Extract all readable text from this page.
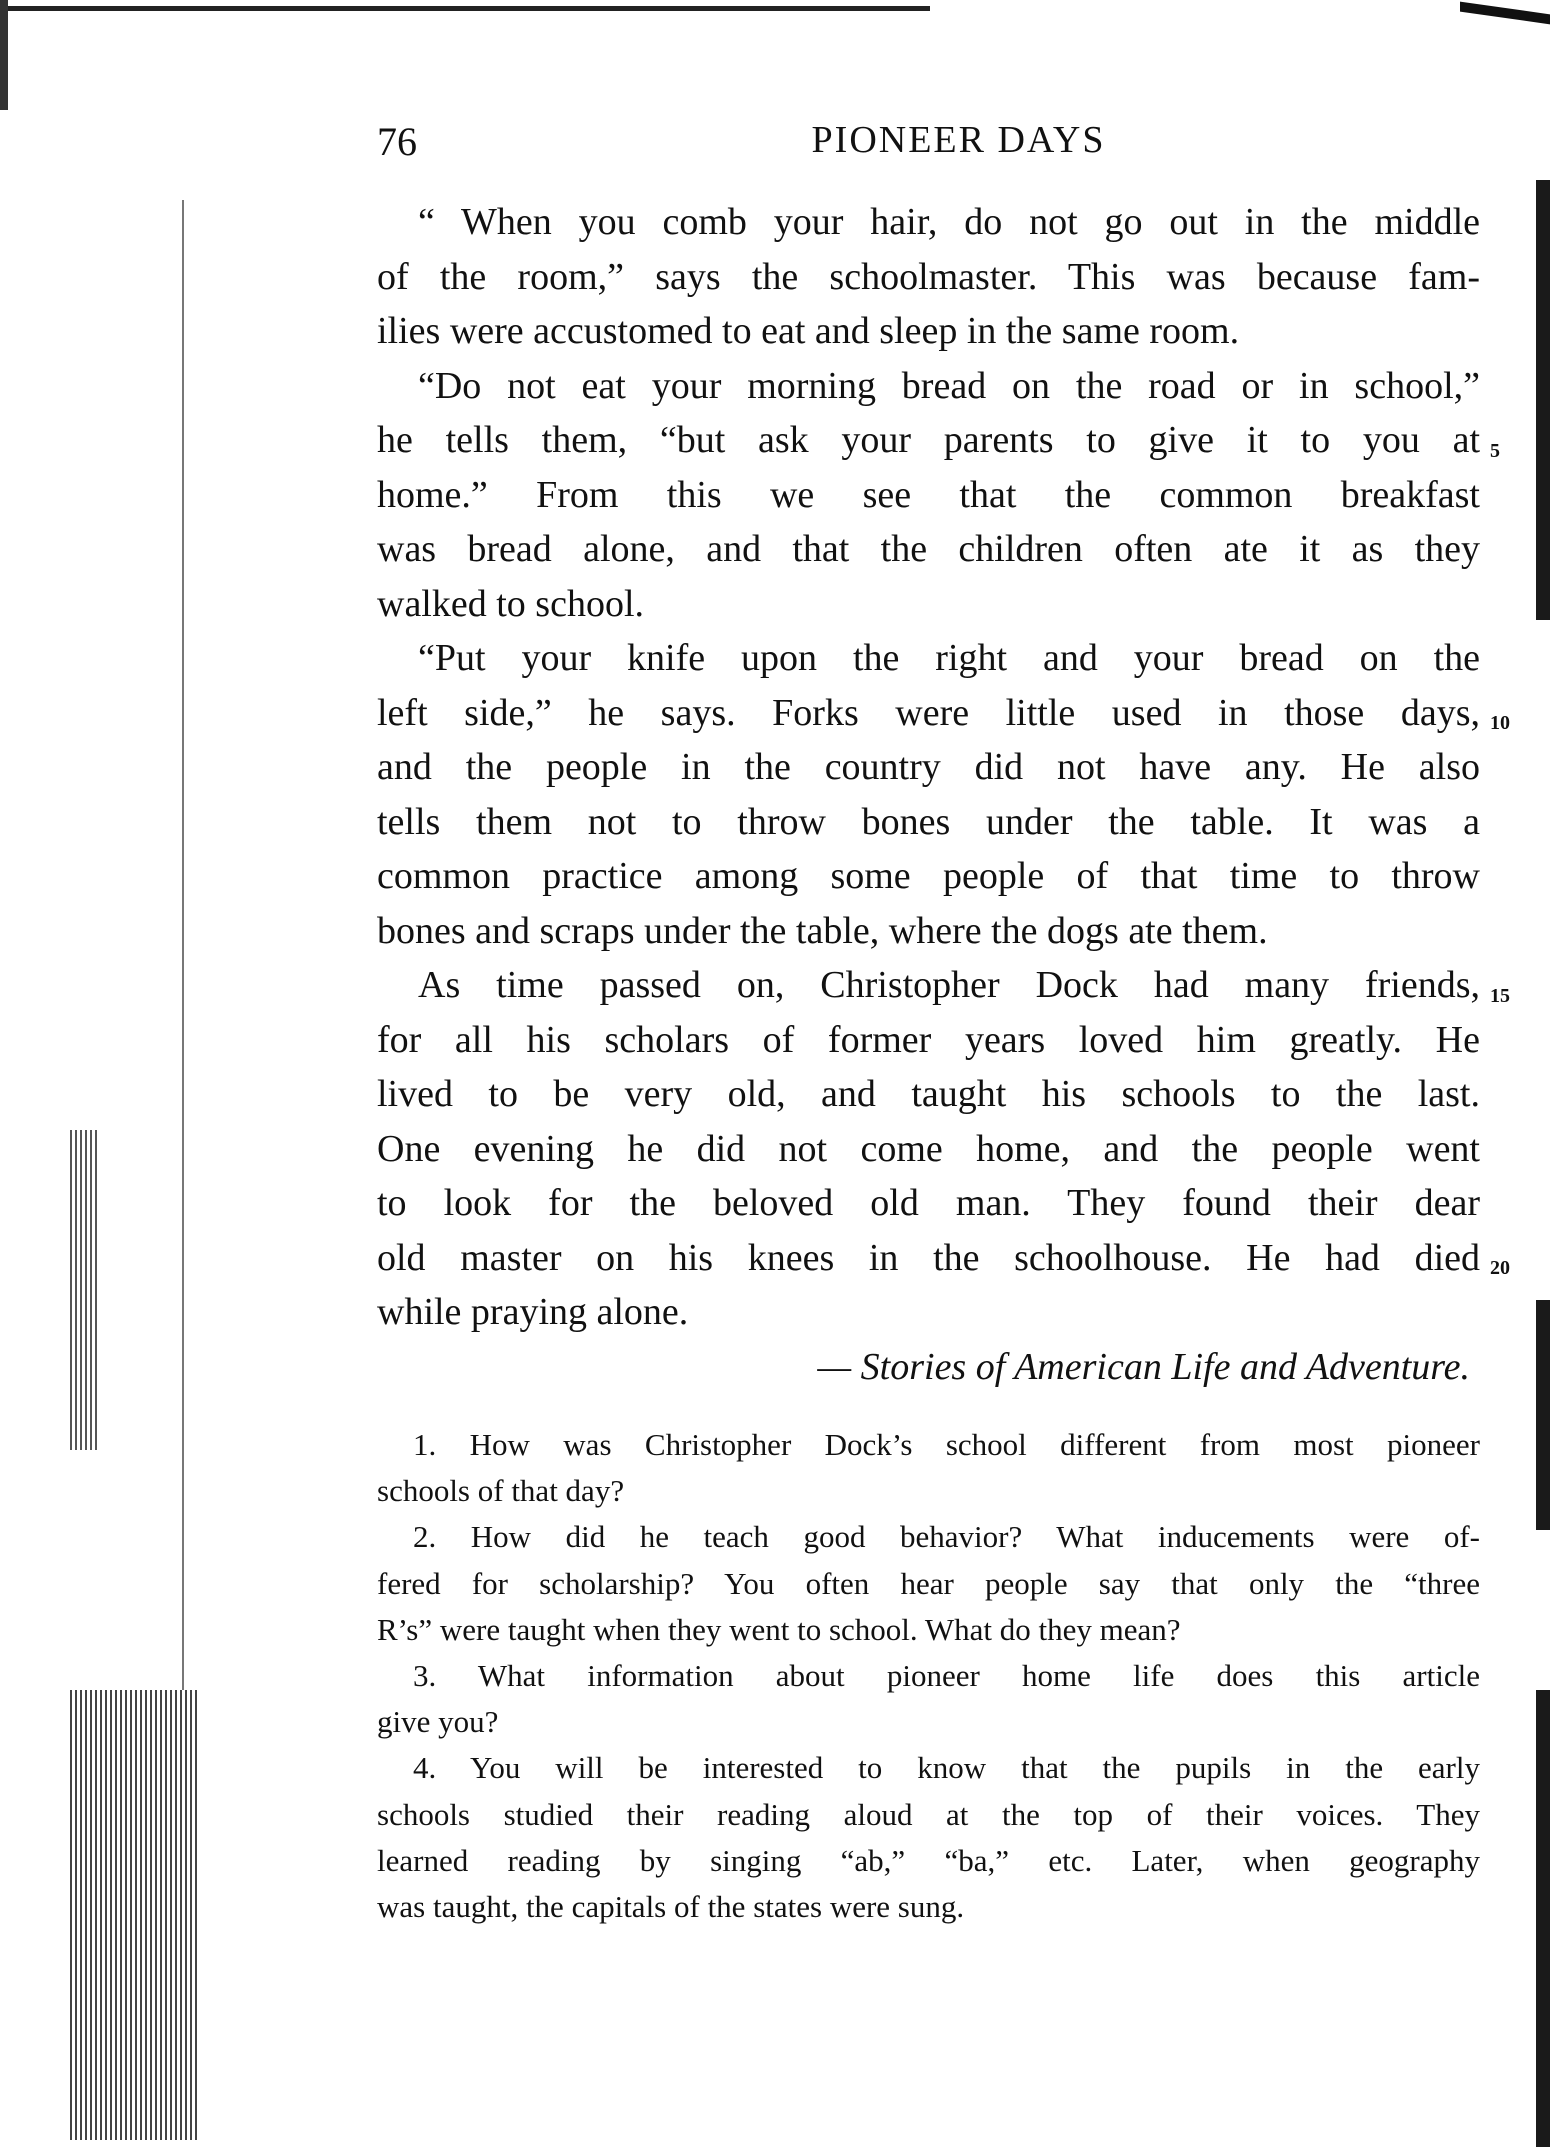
76	PIONEER DAYS
“ When you comb your hair, do not go out in the middle
of the room,” says the schoolmaster. This was because fam-
ilies were accustomed to eat and sleep in the same room.
“Do not eat your morning bread on the road or in school,”
he tells them, “but ask your parents to give it to you at
home.” From this we see that the common breakfast
was bread alone, and that the children often ate it as they
walked to school.
“Put your knife upon the right and your bread on the
left side,” he says. Forks were little used in those days,
and the people in the country did not have any. He also
tells them not to throw bones under the table. It was a
common practice among some people of that time to throw
bones and scraps under the table, where the dogs ate them.
As time passed on, Christopher Dock had many friends,
for all his scholars of former years loved him greatly. He
lived to be very old, and taught his schools to the last.
One evening he did not come home, and the people went
to look for the beloved old man. They found their dear
old master on his knees in the schoolhouse. He had died
while praying alone.
— Stories of American Life and Adventure.
1. How was Christopher Dock’s school different from most pioneer
schools of that day?
2. How did he teach good behavior? What inducements were of-
fered for scholarship? You often hear people say that only the “three
R’s” were taught when they went to school. What do they mean?
3. What information about pioneer home life does this article
give you?
4. You will be interested to know that the pupils in the early
schools studied their reading aloud at the top of their voices. They
learned reading by singing “ab,” “ba,” etc. Later, when geography
was taught, the capitals of the states were sung.
5
10
15
20
